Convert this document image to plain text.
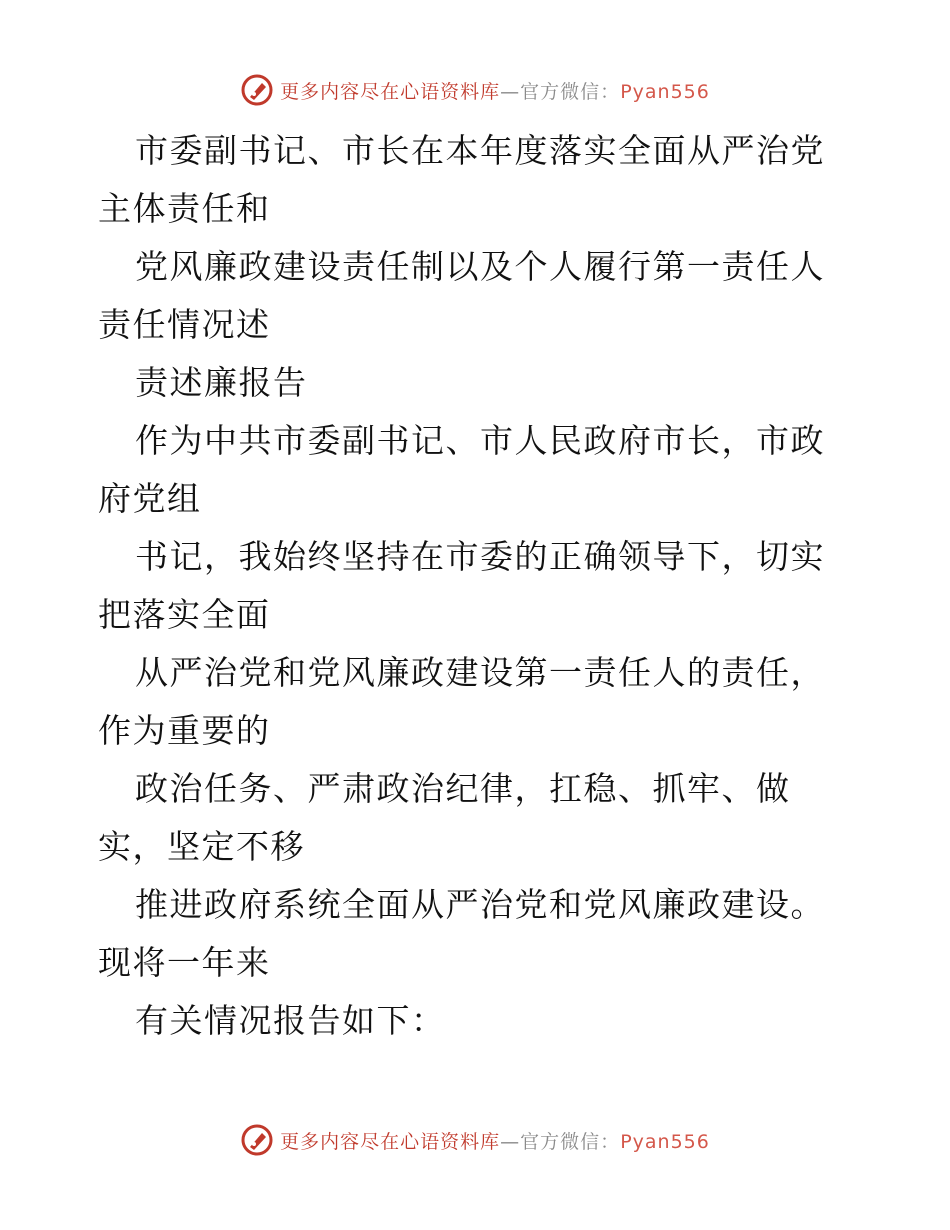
更多内容尽在心语资料库—官方微信：Pyan556

市委副书记、市长在本年度落实全面从严治党主体责任和

党风廉政建设责任制以及个人履行第一责任人责任情况述

责述廉报告

作为中共市委副书记、市人民政府市长，市政府党组

书记，我始终坚持在市委的正确领导下，切实把落实全面

从严治党和党风廉政建设第一责任人的责任，作为重要的

政治任务、严肃政治纪律，扛稳、抓牢、做实，坚定不移

推进政府系统全面从严治党和党风廉政建设。现将一年来

有关情况报告如下：

更多内容尽在心语资料库—官方微信：Pyan556
